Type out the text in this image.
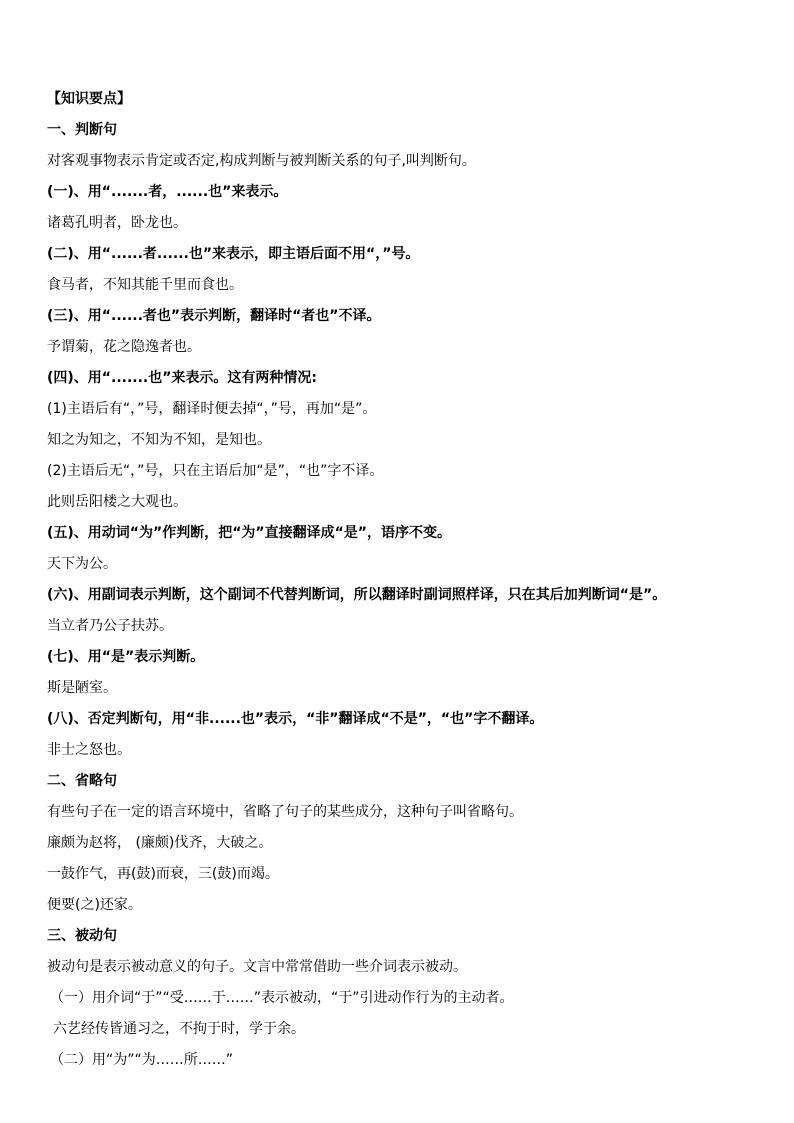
【知识要点】
一、判断句
对客观事物表示肯定或否定,构成判断与被判断关系的句子,叫判断句。
(一)、用“.......者，......也”来表示。
诸葛孔明者，卧龙也。
(二)、用“......者......也”来表示，即主语后面不用“，”号。
食马者，不知其能千里而食也。
(三)、用“......者也”表示判断，翻译时“者也”不译。
予谓菊，花之隐逸者也。
(四)、用“.......也”来表示。这有两种情况:
(1)主语后有“，”号，翻译时便去掉“，”号，再加“是”。
知之为知之，不知为不知，是知也。
(2)主语后无“，”号，只在主语后加“是”，“也”字不译。
此则岳阳楼之大观也。
(五)、用动词“为”作判断，把“为”直接翻译成“是”，语序不变。
天下为公。
(六)、用副词表示判断，这个副词不代替判断词，所以翻译时副词照样译，只在其后加判断词“是”。
当立者乃公子扶苏。
(七)、用“是”表示判断。
斯是陋室。
(八)、否定判断句，用“非......也”表示，“非”翻译成“不是”，“也”字不翻译。
非士之怒也。
二、省略句
有些句子在一定的语言环境中，省略了句子的某些成分，这种句子叫省略句。
廉颇为赵将， (廉颇)伐齐，大破之。
一鼓作气，再(鼓)而衰，三(鼓)而竭。
便要(之)还家。
三、被动句
被动句是表示被动意义的句子。文言中常常借助一些介词表示被动。
（一）用介词“于”“受……于……”表示被动，“于”引进动作行为的主动者。
六艺经传皆通习之，不拘于时，学于余。
（二）用“为”“为……所……”
